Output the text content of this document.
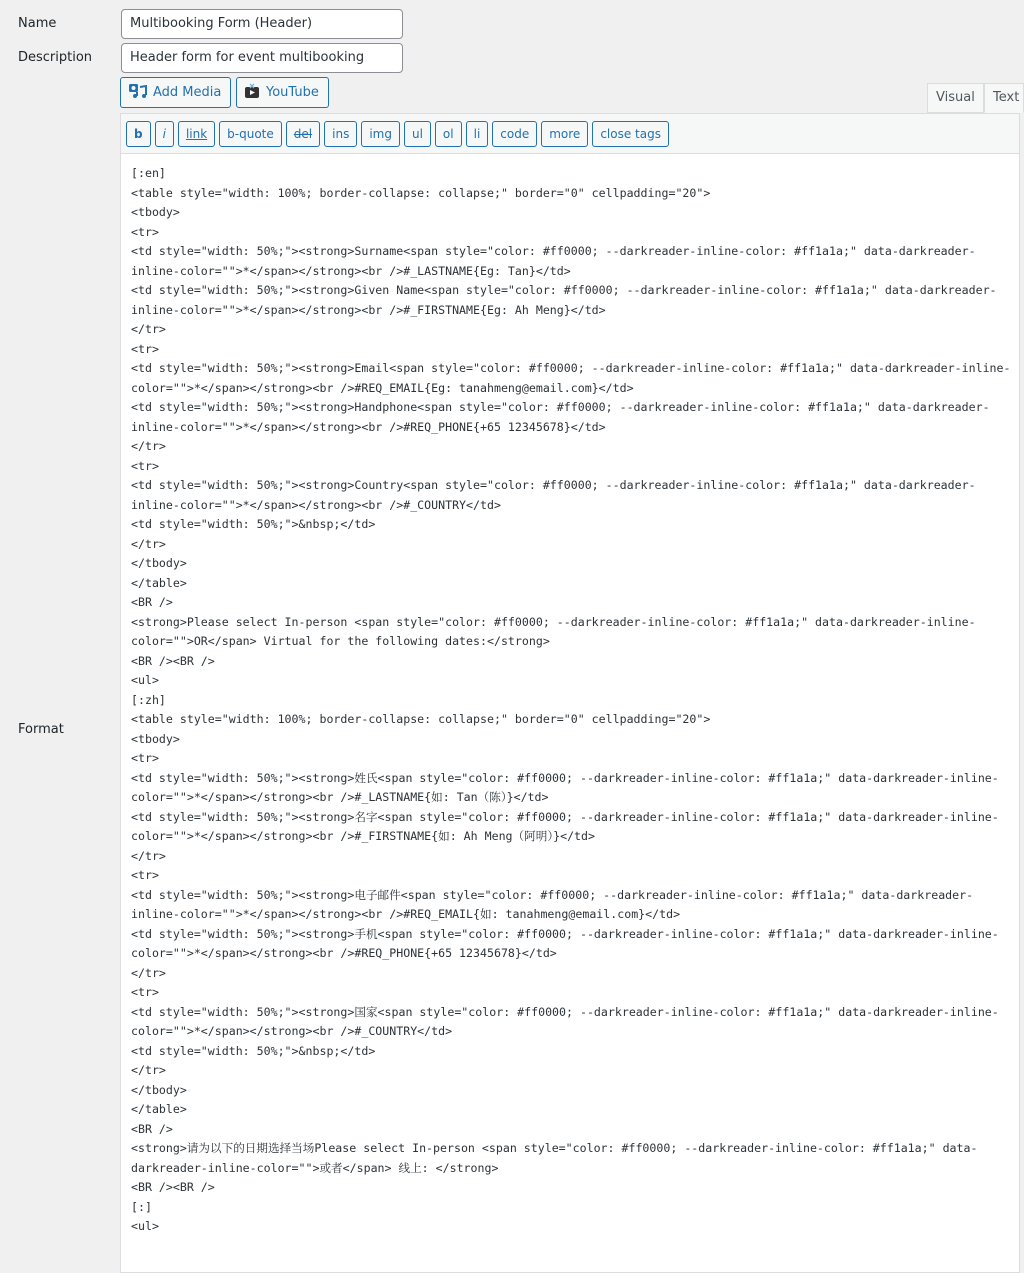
Name	Multibooking Form (Header)
Description	Header form for event multibooking
Format
Add Media	YouTube	Visual	Text
b	i	link	b-quote	del	ins	img	ul	ol	li	code	more	close tags
[:en]
<table style="width: 100%; border-collapse: collapse;" border="0" cellpadding="20">
<tbody>
<tr>
<td style="width: 50%;"><strong>Surname<span style="color: #ff0000; --darkreader-inline-color: #ff1a1a;" data-darkreader-
inline-color="">*</span></strong><br />#_LASTNAME{Eg: Tan}</td>
<td style="width: 50%;"><strong>Given Name<span style="color: #ff0000; --darkreader-inline-color: #ff1a1a;" data-darkreader-
inline-color="">*</span></strong><br />#_FIRSTNAME{Eg: Ah Meng}</td>
</tr>
<tr>
<td style="width: 50%;"><strong>Email<span style="color: #ff0000; --darkreader-inline-color: #ff1a1a;" data-darkreader-inline-
color="">*</span></strong><br />#REQ_EMAIL{Eg: tanahmeng@email.com}</td>
<td style="width: 50%;"><strong>Handphone<span style="color: #ff0000; --darkreader-inline-color: #ff1a1a;" data-darkreader-
inline-color="">*</span></strong><br />#REQ_PHONE{+65 12345678}</td>
</tr>
<tr>
<td style="width: 50%;"><strong>Country<span style="color: #ff0000; --darkreader-inline-color: #ff1a1a;" data-darkreader-
inline-color="">*</span></strong><br />#_COUNTRY</td>
<td style="width: 50%;">&nbsp;</td>
</tr>
</tbody>
</table>
<BR />
<strong>Please select In-person <span style="color: #ff0000; --darkreader-inline-color: #ff1a1a;" data-darkreader-inline-
color="">OR</span> Virtual for the following dates:</strong>
<BR /><BR />
<ul>
[:zh]
<table style="width: 100%; border-collapse: collapse;" border="0" cellpadding="20">
<tbody>
<tr>
<td style="width: 50%;"><strong>姓氏<span style="color: #ff0000; --darkreader-inline-color: #ff1a1a;" data-darkreader-inline-
color="">*</span></strong><br />#_LASTNAME{如: Tan（陈）}</td>
<td style="width: 50%;"><strong>名字<span style="color: #ff0000; --darkreader-inline-color: #ff1a1a;" data-darkreader-inline-
color="">*</span></strong><br />#_FIRSTNAME{如: Ah Meng（阿明）}</td>
</tr>
<tr>
<td style="width: 50%;"><strong>电子邮件<span style="color: #ff0000; --darkreader-inline-color: #ff1a1a;" data-darkreader-
inline-color="">*</span></strong><br />#REQ_EMAIL{如: tanahmeng@email.com}</td>
<td style="width: 50%;"><strong>手机<span style="color: #ff0000; --darkreader-inline-color: #ff1a1a;" data-darkreader-inline-
color="">*</span></strong><br />#REQ_PHONE{+65 12345678}</td>
</tr>
<tr>
<td style="width: 50%;"><strong>国家<span style="color: #ff0000; --darkreader-inline-color: #ff1a1a;" data-darkreader-inline-
color="">*</span></strong><br />#_COUNTRY</td>
<td style="width: 50%;">&nbsp;</td>
</tr>
</tbody>
</table>
<BR />
<strong>请为以下的日期选择当场Please select In-person <span style="color: #ff0000; --darkreader-inline-color: #ff1a1a;" data-
darkreader-inline-color="">或者</span> 线上: </strong>
<BR /><BR />
[:]
<ul>
